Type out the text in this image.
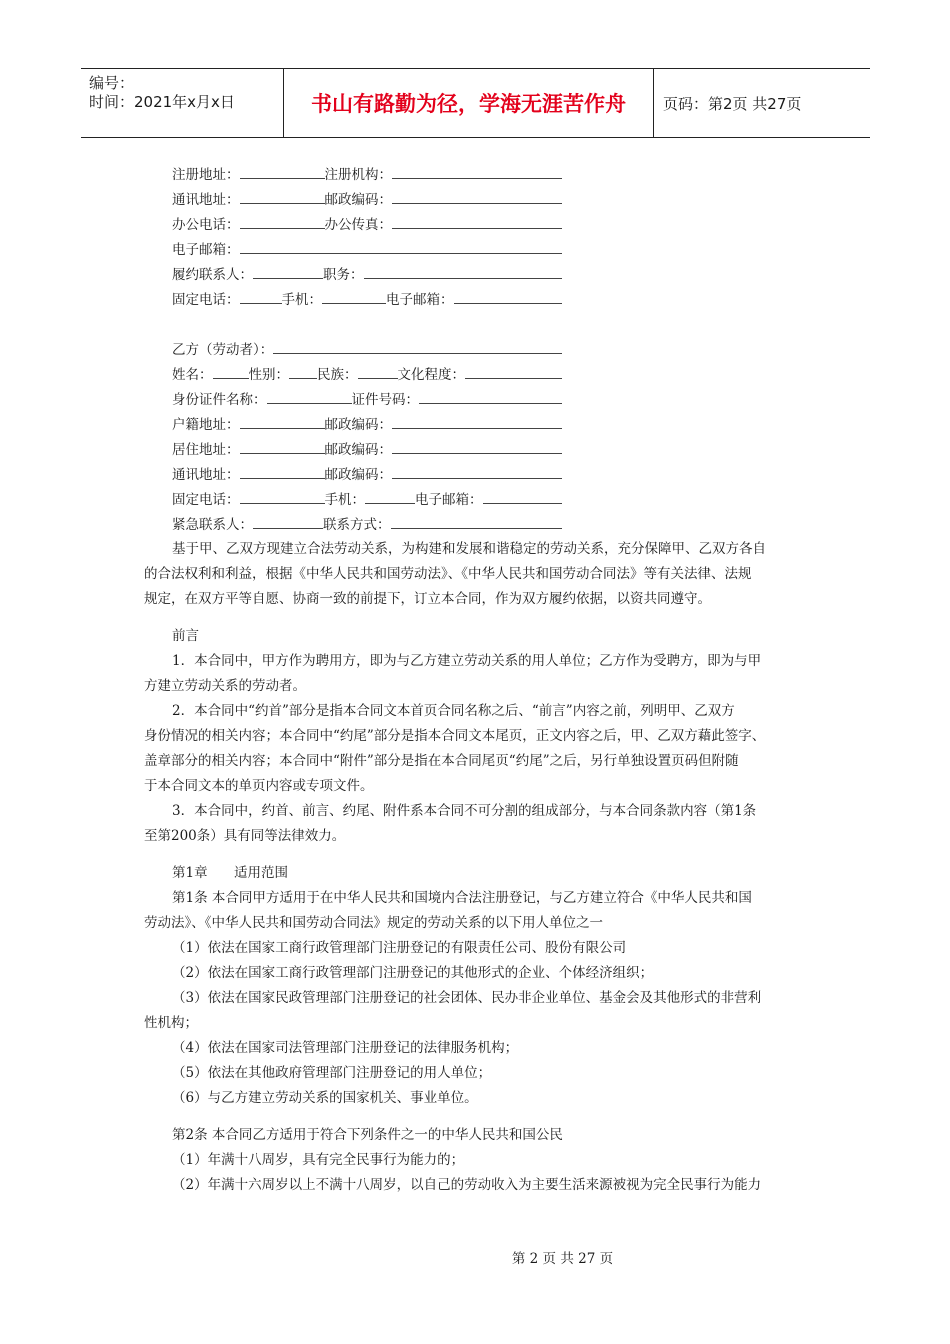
编号：
时间：2021年x月x日	书山有路勤为径，学海无涯苦作舟	页码：第2页 共27页
注册地址：	注册机构：
通讯地址：	邮政编码：
办公电话：	办公传真：
电子邮箱：
履约联系人：	职务：
固定电话：	手机：	电子邮箱：
乙方（劳动者）：
姓名：	性别： 民族：	文化程度：
身份证件名称：	证件号码：
户籍地址：	邮政编码：
居住地址：	邮政编码：
通讯地址：	邮政编码：
固定电话：	手机：	电子邮箱：
紧急联系人：	联系方式：
基于甲、乙双方现建立合法劳动关系，为构建和发展和谐稳定的劳动关系，充分保障甲、乙双方各自
的合法权利和利益，根据《中华人民共和国劳动法》、《中华人民共和国劳动合同法》等有关法律、法规
规定，在双方平等自愿、协商一致的前提下，订立本合同，作为双方履约依据，以资共同遵守。
前言
1．本合同中，甲方作为聘用方，即为与乙方建立劳动关系的用人单位；乙方作为受聘方，即为与甲
方建立劳动关系的劳动者。
2．本合同中“约首”部分是指本合同文本首页合同名称之后、“前言”内容之前，列明甲、乙双方
身份情况的相关内容；本合同中“约尾”部分是指本合同文本尾页，正文内容之后，甲、乙双方藉此签字、
盖章部分的相关内容；本合同中“附件”部分是指在本合同尾页“约尾”之后，另行单独设置页码但附随
于本合同文本的单页内容或专项文件。
3．本合同中，约首、前言、约尾、附件系本合同不可分割的组成部分，与本合同条款内容（第1条
至第200条）具有同等法律效力。
第1章 适用范围
第1条 本合同甲方适用于在中华人民共和国境内合法注册登记，与乙方建立符合《中华人民共和国
劳动法》、《中华人民共和国劳动合同法》规定的劳动关系的以下用人单位之一
（1）依法在国家工商行政管理部门注册登记的有限责任公司、股份有限公司
（2）依法在国家工商行政管理部门注册登记的其他形式的企业、个体经济组织；
（3）依法在国家民政管理部门注册登记的社会团体、民办非企业单位、基金会及其他形式的非营利
性机构；
（4）依法在国家司法管理部门注册登记的法律服务机构；
（5）依法在其他政府管理部门注册登记的用人单位；
（6）与乙方建立劳动关系的国家机关、事业单位。
第2条 本合同乙方适用于符合下列条件之一的中华人民共和国公民
（1）年满十八周岁，具有完全民事行为能力的；
（2）年满十六周岁以上不满十八周岁，以自己的劳动收入为主要生活来源被视为完全民事行为能力
第 2 页 共 27 页
